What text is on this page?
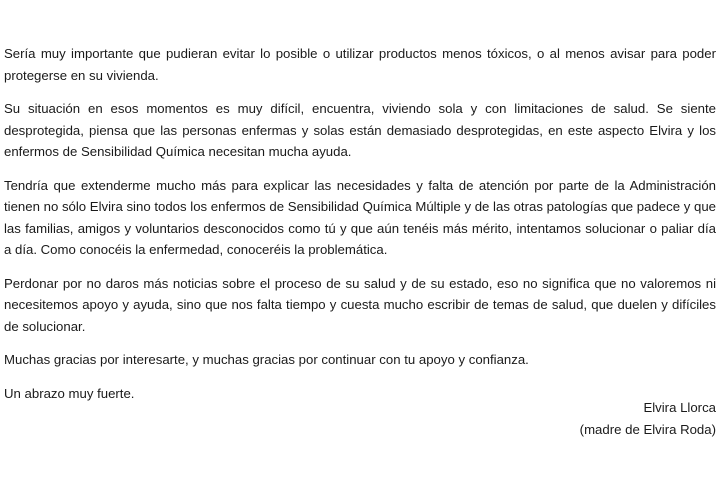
Sería muy importante que pudieran evitar lo posible o utilizar productos menos tóxicos, o al menos avisar para poder protegerse en su vivienda.

Su situación en esos momentos es muy difícil, encuentra, viviendo sola y con limitaciones de salud. Se siente desprotegida, piensa que las personas enfermas y solas están demasiado desprotegidas, en este aspecto Elvira y los enfermos de Sensibilidad Química necesitan mucha ayuda.

Tendría que extenderme mucho más para explicar las necesidades y falta de atención por parte de la Administración tienen no sólo Elvira sino todos los enfermos de Sensibilidad Química Múltiple y de las otras patologías que padece y que las familias, amigos y voluntarios desconocidos como tú y que aún tenéis más mérito, intentamos solucionar o paliar día a día. Como conocéis la enfermedad, conoceréis la problemática.

Perdonar por no daros más noticias sobre el proceso de su salud y de su estado, eso no significa que no valoremos ni necesitemos apoyo y ayuda, sino que nos falta tiempo y cuesta mucho escribir de temas de salud, que duelen y difíciles de solucionar.

Muchas gracias por interesarte, y muchas gracias por continuar con tu apoyo y confianza.

Un abrazo muy fuerte.

Elvira Llorca
(madre de Elvira Roda)
